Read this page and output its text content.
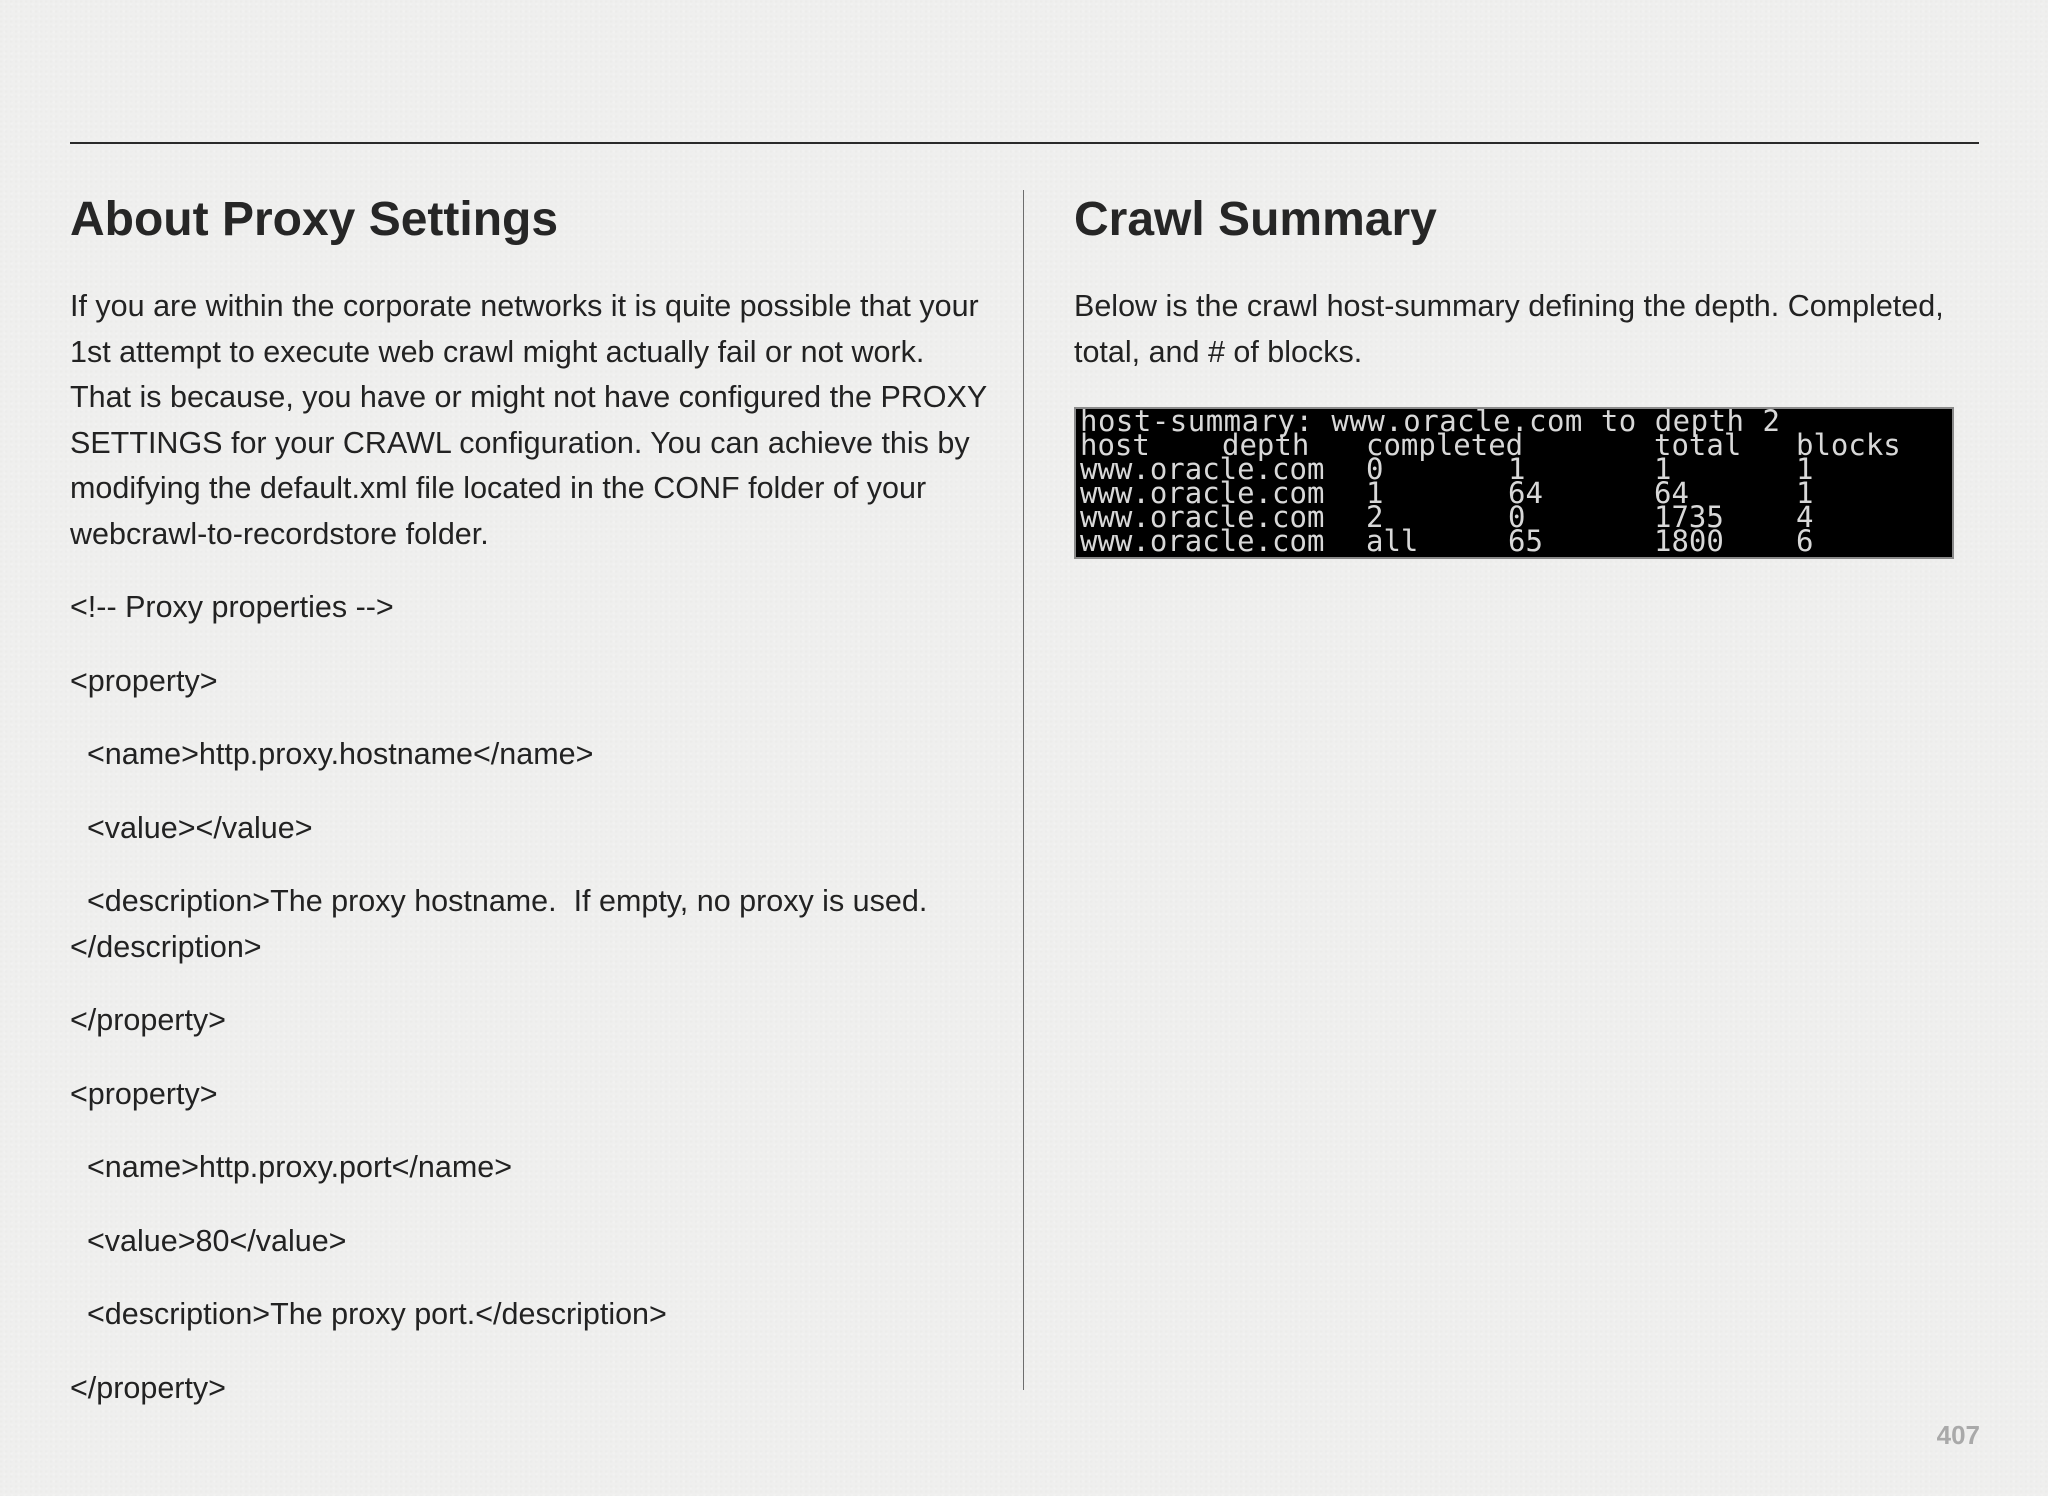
About Proxy Settings

If you are within the corporate networks it is quite possible that your 1st attempt to execute web crawl might actually fail or not work. That is because, you have or might not have configured the PROXY SETTINGS for your CRAWL configuration. You can achieve this by modifying the default.xml file located in the CONF folder of your webcrawl-to-recordstore folder.

<!-- Proxy properties -->
<property>
<name>http.proxy.hostname</name>
<value></value>
<description>The proxy hostname.  If empty, no proxy is used.</description>
</property>
<property>
<name>http.proxy.port</name>
<value>80</value>
<description>The proxy port.</description>
</property>
Crawl Summary

Below is the crawl host-summary defining the depth. Completed, total, and # of blocks.

host-summary: www.oracle.com to depth 2
host depth completed	total blocks
www.oracle.com 0	1	1	1
www.oracle.com 1	64	64	1
www.oracle.com 2	0	1735 4
www.oracle.com all	65	1800 6
407
